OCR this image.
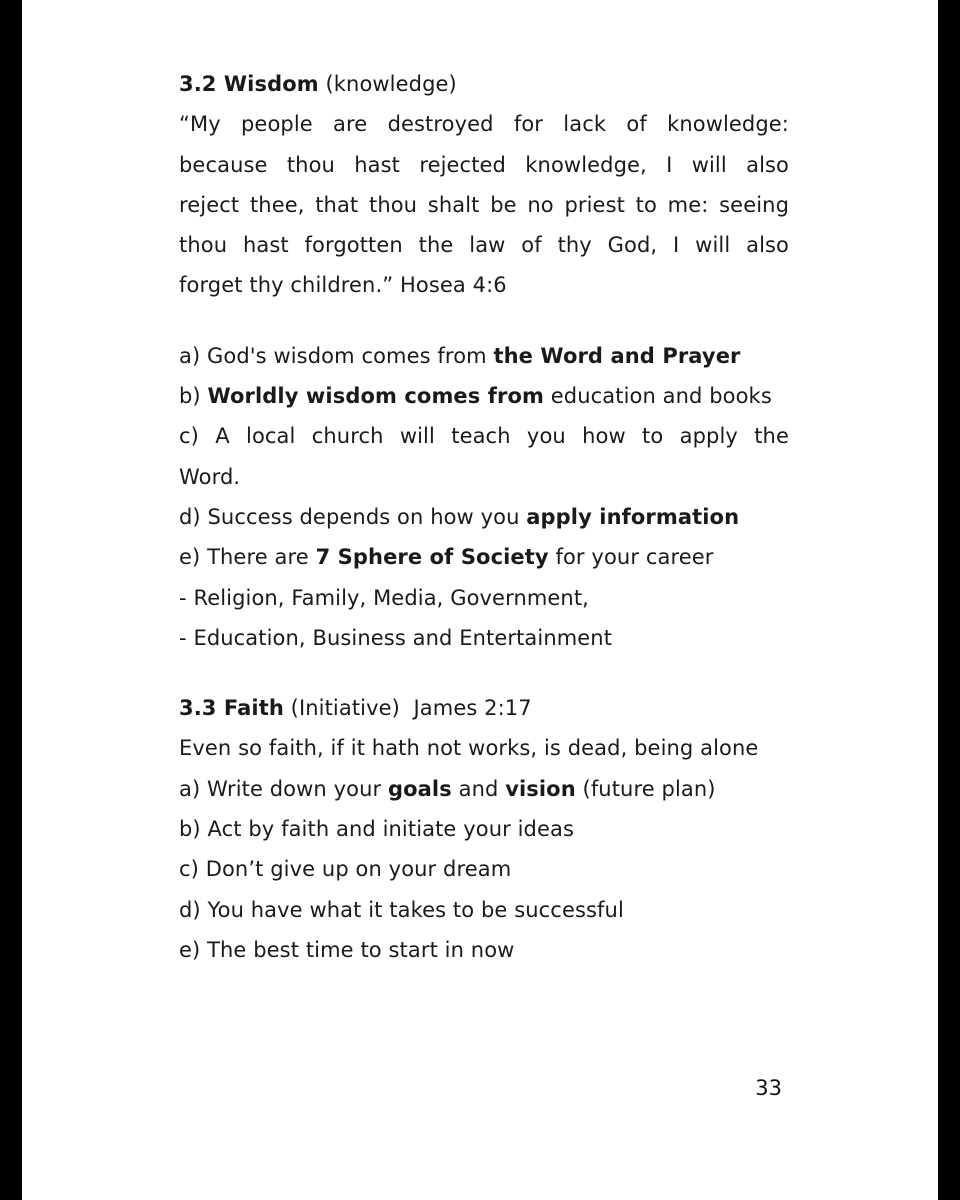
3.2 Wisdom (knowledge)
“My people are destroyed for lack of knowledge:
because thou hast rejected knowledge, I will also
reject thee, that thou shalt be no priest to me: seeing
thou hast forgotten the law of thy God, I will also
forget thy children.” Hosea 4:6
a) God's wisdom comes from the Word and Prayer
b) Worldly wisdom comes from education and books
c) A local church will teach you how to apply the
Word.
d) Success depends on how you apply information
e) There are 7 Sphere of Society for your career
- Religion, Family, Media, Government,
- Education, Business and Entertainment
3.3 Faith (Initiative) James 2:17
Even so faith, if it hath not works, is dead, being alone
a) Write down your goals and vision (future plan)
b) Act by faith and initiate your ideas
c) Don’t give up on your dream
d) You have what it takes to be successful
e) The best time to start in now
33
